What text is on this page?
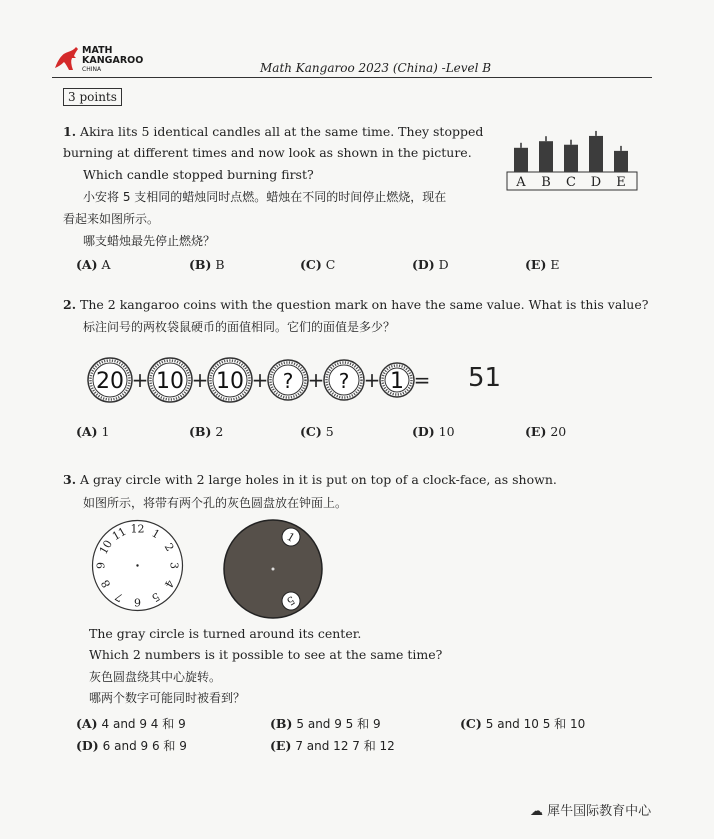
MATH
KANGAROO
CHINA	Math Kangaroo 2023 (China) -Level B
3 points
1. Akira lits 5 identical candles all at the same time. They stopped
burning at different times and now look as shown in the picture.
Which candle stopped burning first?
小安将 5 支相同的蜡烛同时点燃。蜡烛在不同的时间停止燃烧，现在
看起来如图所示。
哪支蜡烛最先停止燃烧？
A B C D E
(A) A	(B) B	(C) C	(D) D	(E) E
2. The 2 kangaroo coins with the question mark on have the same value. What is this value?
标注问号的两枚袋鼠硬币的面值相同。它们的面值是多少？
20 + 10 + 10 + ? + ? + 1 = 51
(A) 1	(B) 2	(C) 5	(D) 10	(E) 20
3. A gray circle with 2 large holes in it is put on top of a clock-face, as shown.
如图所示，将带有两个孔的灰色圆盘放在钟面上。
12 1
2
3
4
5
6
7
8
9
10
11	1
5
The gray circle is turned around its center.
Which 2 numbers is it possible to see at the same time?
灰色圆盘绕其中心旋转。
哪两个数字可能同时被看到？
(A) 4 and 9 4 和 9	(B) 5 and 9 5 和 9	(C) 5 and 10 5 和 10
(D) 6 and 9 6 和 9	(E) 7 and 12 7 和 12
☁ 犀牛国际教育中心
